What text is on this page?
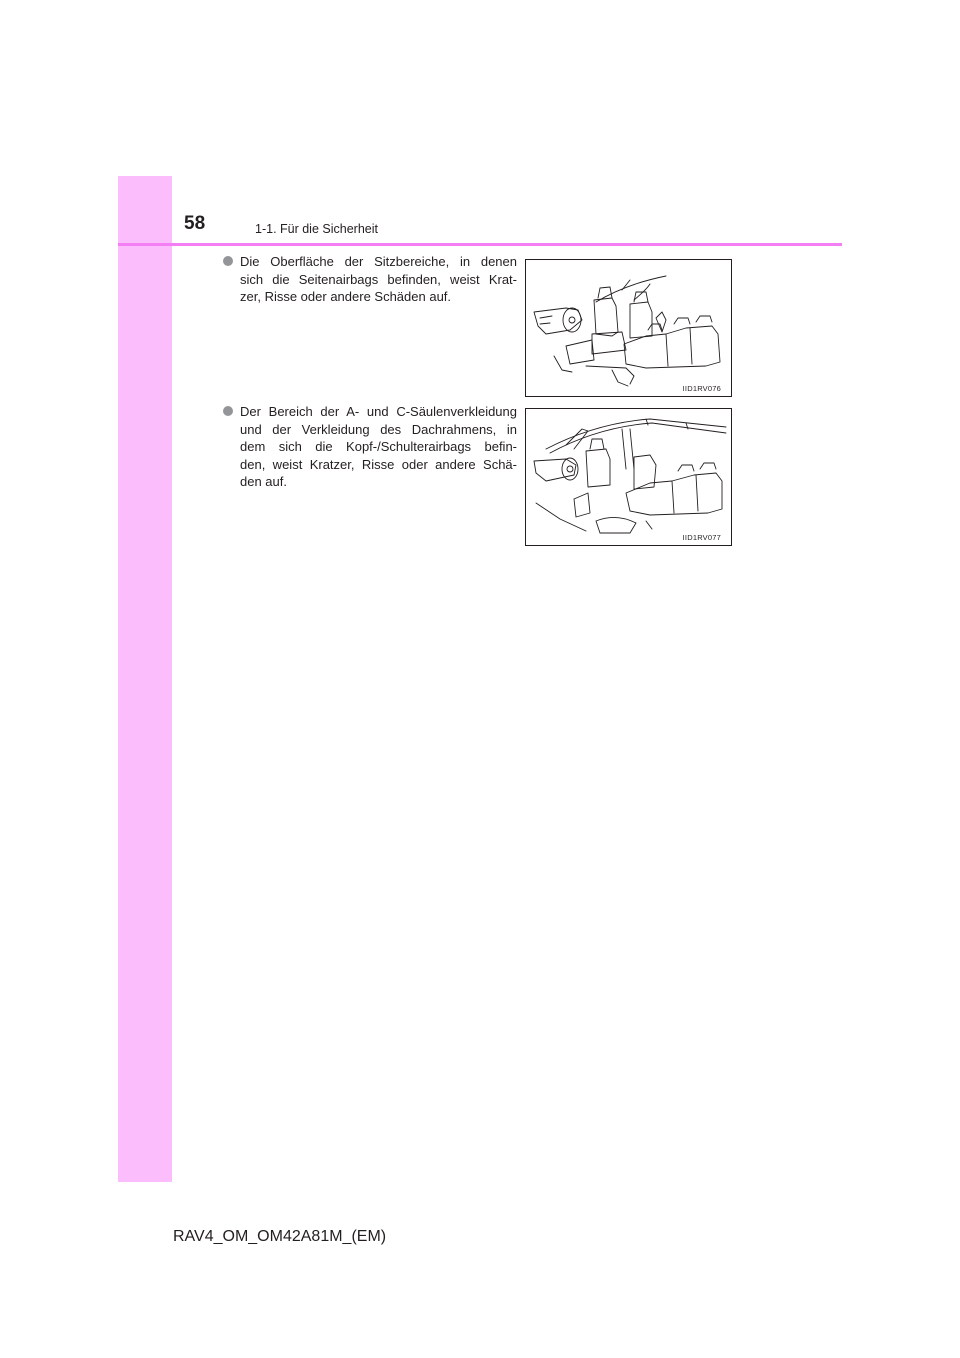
58	1-1. Für die Sicherheit
Die Oberfläche der Sitzbereiche, in denen
sich die Seitenairbags befinden, weist Krat-
zer, Risse oder andere Schäden auf.
IID1RV076
Der Bereich der A- und C-Säulenverkleidung
und der Verkleidung des Dachrahmens, in
dem sich die Kopf-/Schulterairbags befin-
den, weist Kratzer, Risse oder andere Schä-
den auf.
IID1RV077
RAV4_OM_OM42A81M_(EM)
